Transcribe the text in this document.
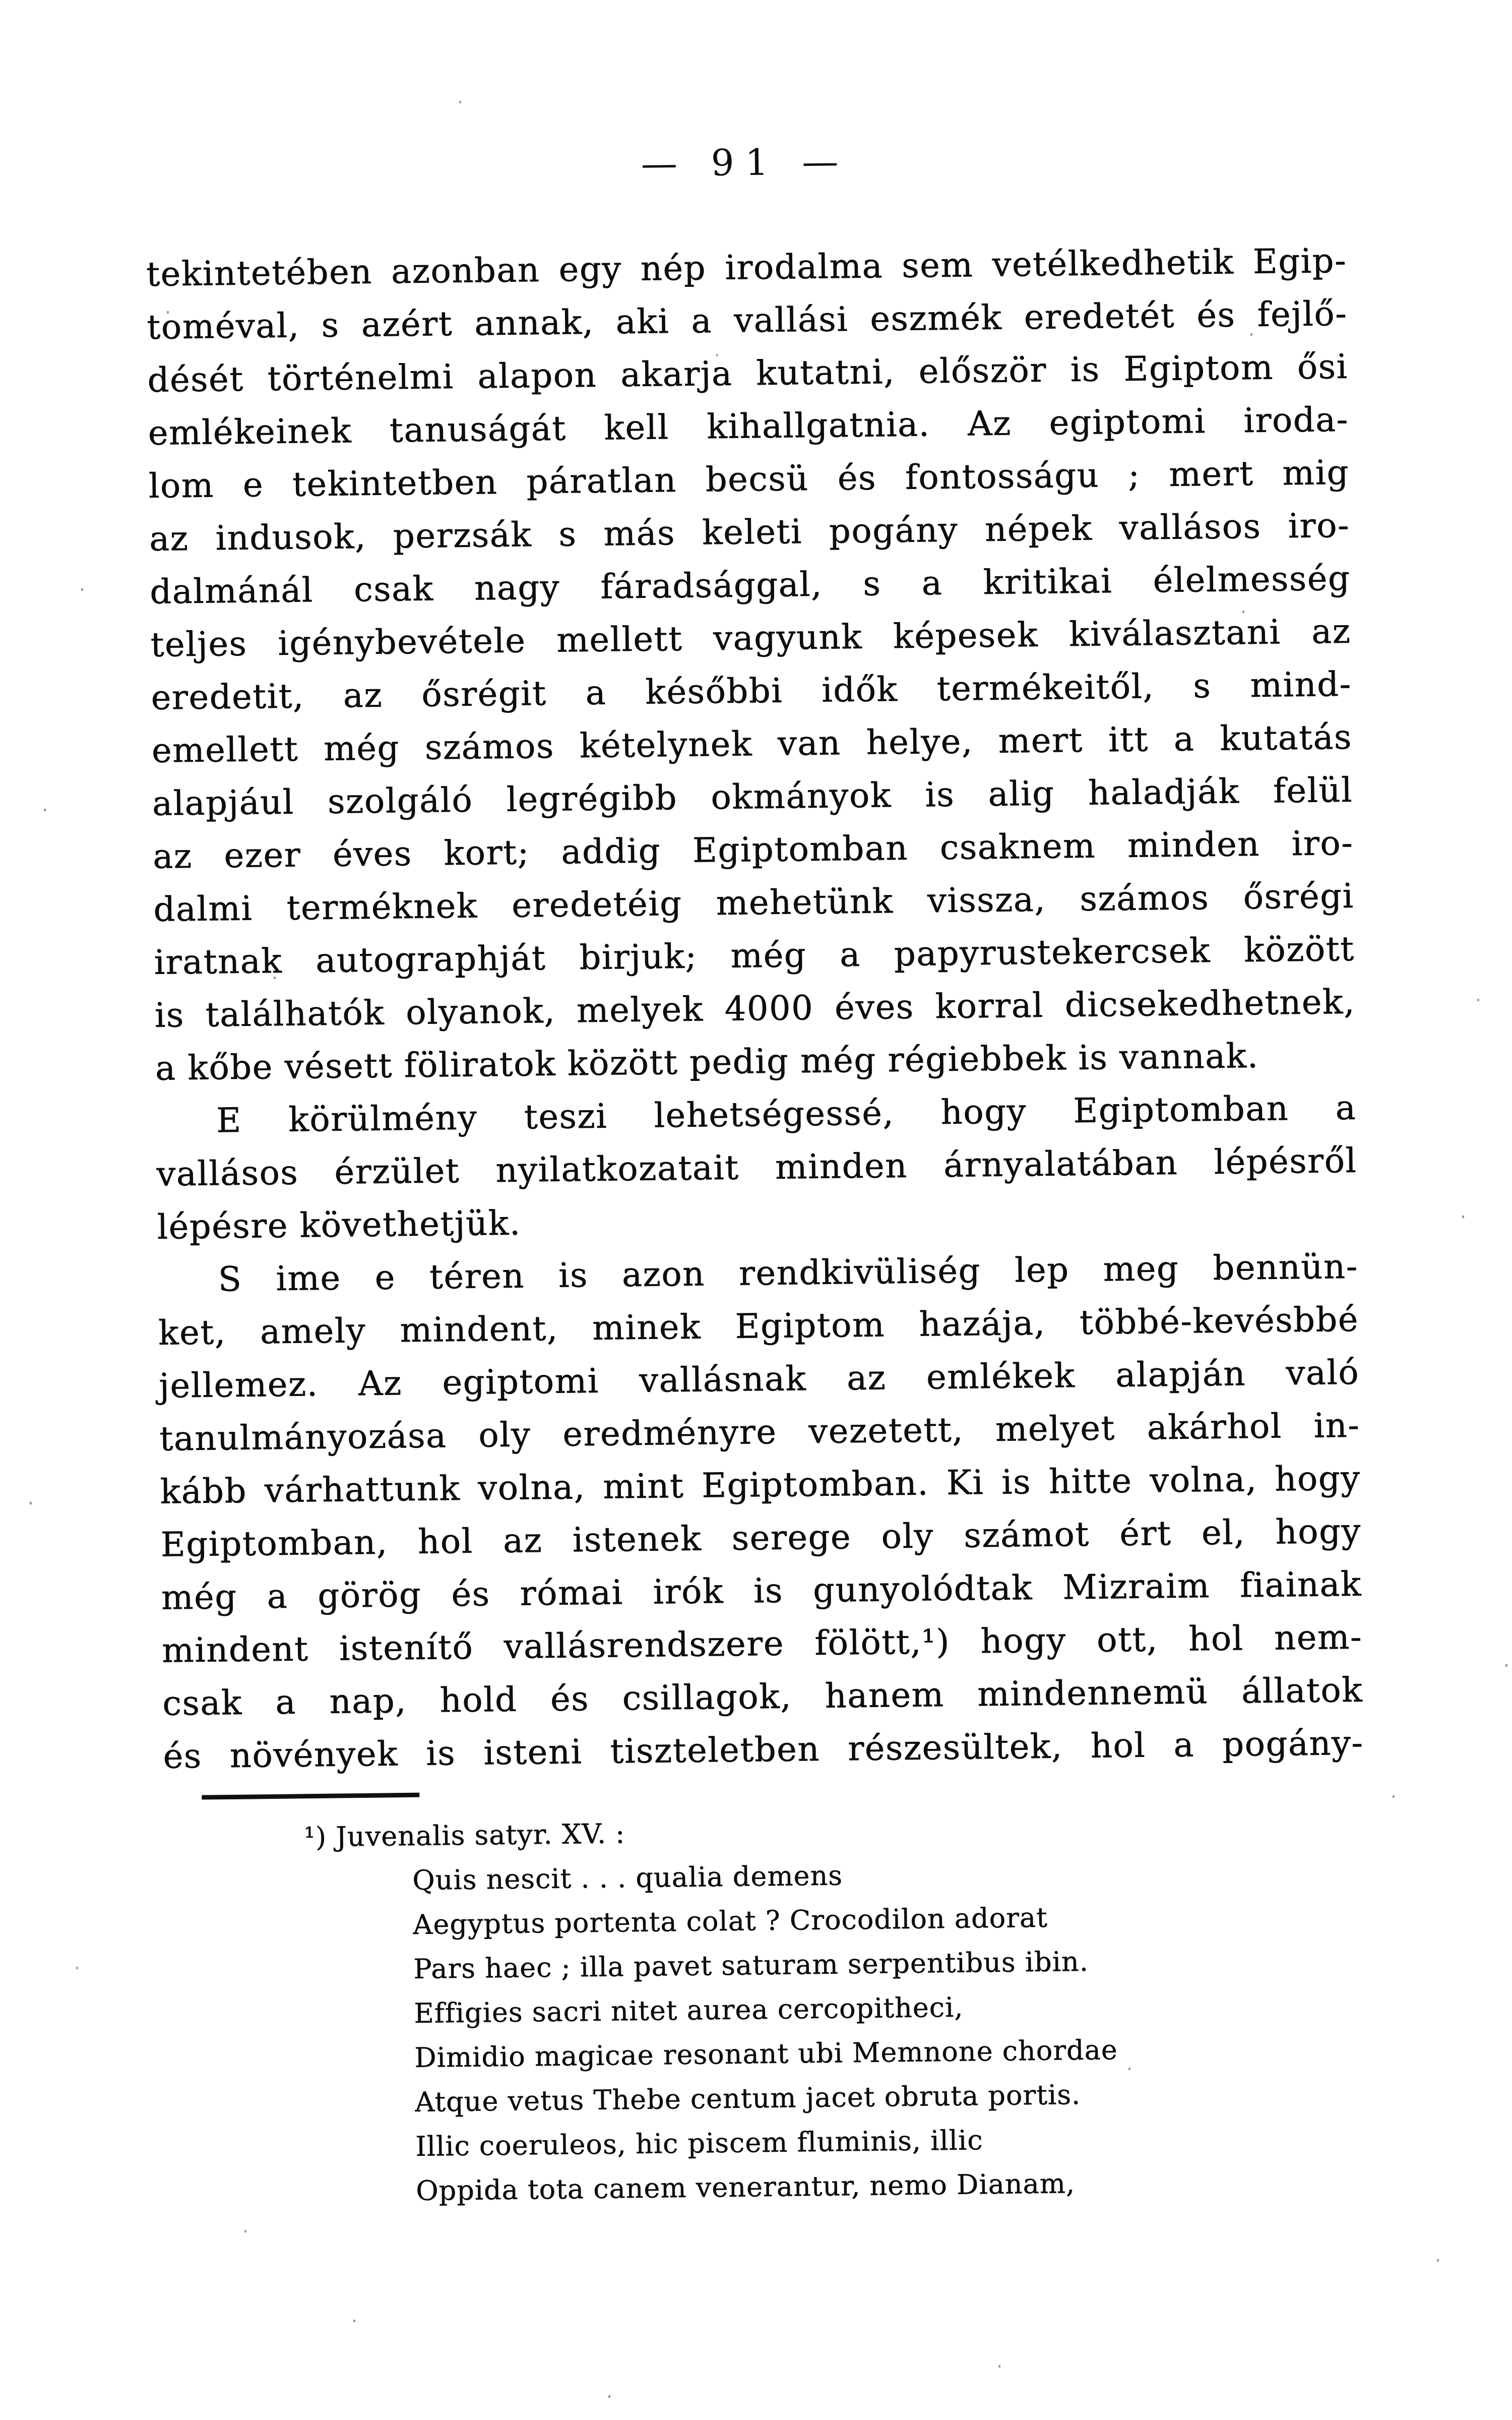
— 91 —
tekintetében azonban egy nép irodalma sem vetélkedhetik Egip-
toméval, s azért annak, aki a vallási eszmék eredetét és fejlő-
dését történelmi alapon akarja kutatni, először is Egiptom ősi
emlékeinek tanuságát kell kihallgatnia. Az egiptomi iroda-
lom e tekintetben páratlan becsü és fontosságu ; mert mig
az indusok, perzsák s más keleti pogány népek vallásos iro-
dalmánál csak nagy fáradsággal, s a kritikai élelmesség
teljes igénybevétele mellett vagyunk képesek kiválasztani az
eredetit, az ősrégit a későbbi idők termékeitől, s mind-
emellett még számos kételynek van helye, mert itt a kutatás
alapjául szolgáló legrégibb okmányok is alig haladják felül
az ezer éves kort; addig Egiptomban csaknem minden iro-
dalmi terméknek eredetéig mehetünk vissza, számos ősrégi
iratnak autographját birjuk; még a papyrustekercsek között
is találhatók olyanok, melyek 4000 éves korral dicsekedhetnek,
a kőbe vésett föliratok között pedig még régiebbek is vannak.
E körülmény teszi lehetségessé, hogy Egiptomban a
vallásos érzület nyilatkozatait minden árnyalatában lépésről
lépésre követhetjük.
S ime e téren is azon rendkivüliség lep meg bennün-
ket, amely mindent, minek Egiptom hazája, többé-kevésbbé
jellemez. Az egiptomi vallásnak az emlékek alapján való
tanulmányozása oly eredményre vezetett, melyet akárhol in-
kább várhattunk volna, mint Egiptomban. Ki is hitte volna, hogy
Egiptomban, hol az istenek serege oly számot ért el, hogy
még a görög és római irók is gunyolódtak Mizraim fiainak
mindent istenítő vallásrendszere fölött,¹) hogy ott, hol nem-
csak a nap, hold és csillagok, hanem mindennemü állatok
és növények is isteni tiszteletben részesültek, hol a pogány-
¹) Juvenalis satyr. XV. :
Quis nescit . . . qualia demens
Aegyptus portenta colat ? Crocodilon adorat
Pars haec ; illa pavet saturam serpentibus ibin.
Effigies sacri nitet aurea cercopitheci,
Dimidio magicae resonant ubi Memnone chordae
Atque vetus Thebe centum jacet obruta portis.
Illic coeruleos, hic piscem fluminis, illic
Oppida tota canem venerantur, nemo Dianam,
